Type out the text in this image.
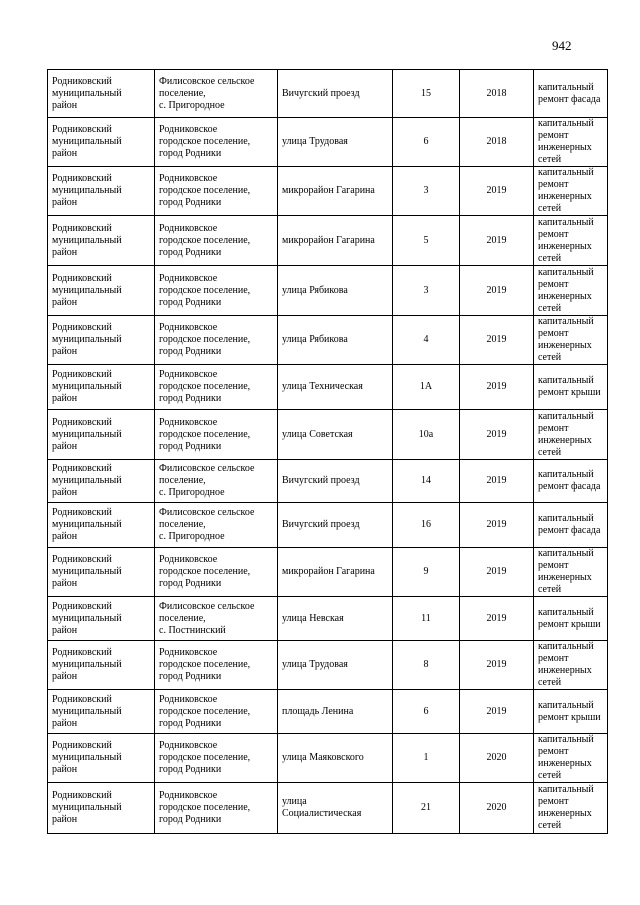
942
Родниковский
муниципальный
район	Филисовское сельское
поселение,
с. Пригородное	Вичугский проезд	15	2018	капитальный
ремонт фасада
Родниковский
муниципальный
район	Родниковское
городское поселение,
город Родники	улица Трудовая	6	2018	капитальный
ремонт
инженерных
сетей
Родниковский
муниципальный
район	Родниковское
городское поселение,
город Родники	микрорайон Гагарина	3	2019	капитальный
ремонт
инженерных
сетей
Родниковский
муниципальный
район	Родниковское
городское поселение,
город Родники	микрорайон Гагарина	5	2019	капитальный
ремонт
инженерных
сетей
Родниковский
муниципальный
район	Родниковское
городское поселение,
город Родники	улица Рябикова	3	2019	капитальный
ремонт
инженерных
сетей
Родниковский
муниципальный
район	Родниковское
городское поселение,
город Родники	улица Рябикова	4	2019	капитальный
ремонт
инженерных
сетей
Родниковский
муниципальный
район	Родниковское
городское поселение,
город Родники	улица Техническая	1А	2019	капитальный
ремонт крыши
Родниковский
муниципальный
район	Родниковское
городское поселение,
город Родники	улица Советская	10а	2019	капитальный
ремонт
инженерных
сетей
Родниковский
муниципальный
район	Филисовское сельское
поселение,
с. Пригородное	Вичугский проезд	14	2019	капитальный
ремонт фасада
Родниковский
муниципальный
район	Филисовское сельское
поселение,
с. Пригородное	Вичугский проезд	16	2019	капитальный
ремонт фасада
Родниковский
муниципальный
район	Родниковское
городское поселение,
город Родники	микрорайон Гагарина	9	2019	капитальный
ремонт
инженерных
сетей
Родниковский
муниципальный
район	Филисовское сельское
поселение,
с. Постнинский	улица Невская	11	2019	капитальный
ремонт крыши
Родниковский
муниципальный
район	Родниковское
городское поселение,
город Родники	улица Трудовая	8	2019	капитальный
ремонт
инженерных
сетей
Родниковский
муниципальный
район	Родниковское
городское поселение,
город Родники	площадь Ленина	6	2019	капитальный
ремонт крыши
Родниковский
муниципальный
район	Родниковское
городское поселение,
город Родники	улица Маяковского	1	2020	капитальный
ремонт
инженерных
сетей
Родниковский
муниципальный
район	Родниковское
городское поселение,
город Родники	улица
Социалистическая	21	2020	капитальный
ремонт
инженерных
сетей
